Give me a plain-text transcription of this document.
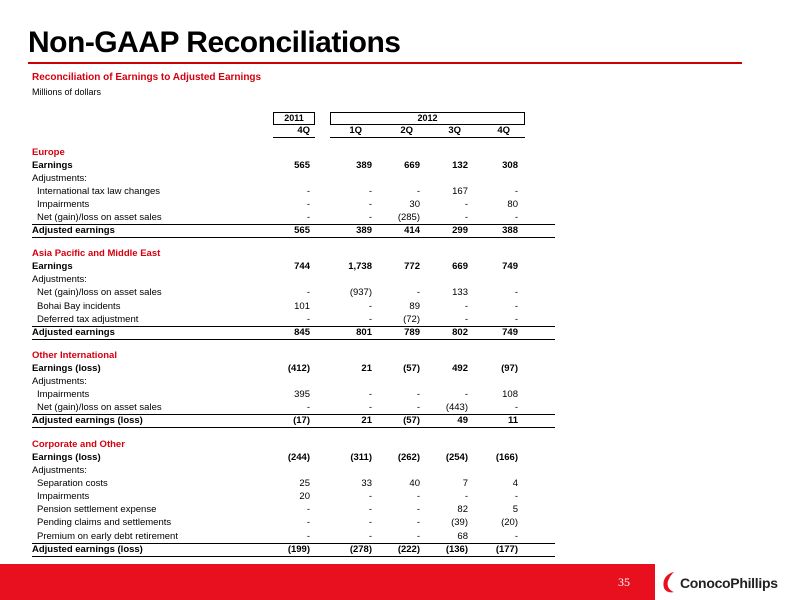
Non-GAAP Reconciliations
Reconciliation of Earnings to Adjusted Earnings
Millions of dollars
2011	2012
4Q	1Q	2Q	3Q	4Q
Europe
Earnings	565	389	669	132	308
Adjustments:
International tax law changes	-	-	-	167	-
Impairments	-	-	30	-	80
Net (gain)/loss on asset sales	-	-	(285)	-	-
Adjusted earnings	565	389	414	299	388
Asia Pacific and Middle East
Earnings	744	1,738	772	669	749
Adjustments:
Net (gain)/loss on asset sales	-	(937)	-	133	-
Bohai Bay incidents	101	-	89	-	-
Deferred tax adjustment	-	-	(72)	-	-
Adjusted earnings	845	801	789	802	749
Other International
Earnings (loss)	(412)	21	(57)	492	(97)
Adjustments:
Impairments	395	-	-	-	108
Net (gain)/loss on asset sales	-	-	-	(443)	-
Adjusted earnings (loss)	(17)	21	(57)	49	11
Corporate and Other
Earnings (loss)	(244)	(311)	(262)	(254)	(166)
Adjustments:
Separation costs	25	33	40	7	4
Impairments	20	-	-	-	-
Pension settlement expense	-	-	-	82	5
Pending claims and settlements	-	-	-	(39)	(20)
Premium on early debt retirement	-	-	-	68	-
Adjusted earnings (loss)	(199)	(278)	(222)	(136)	(177)
35	ConocoPhillips
